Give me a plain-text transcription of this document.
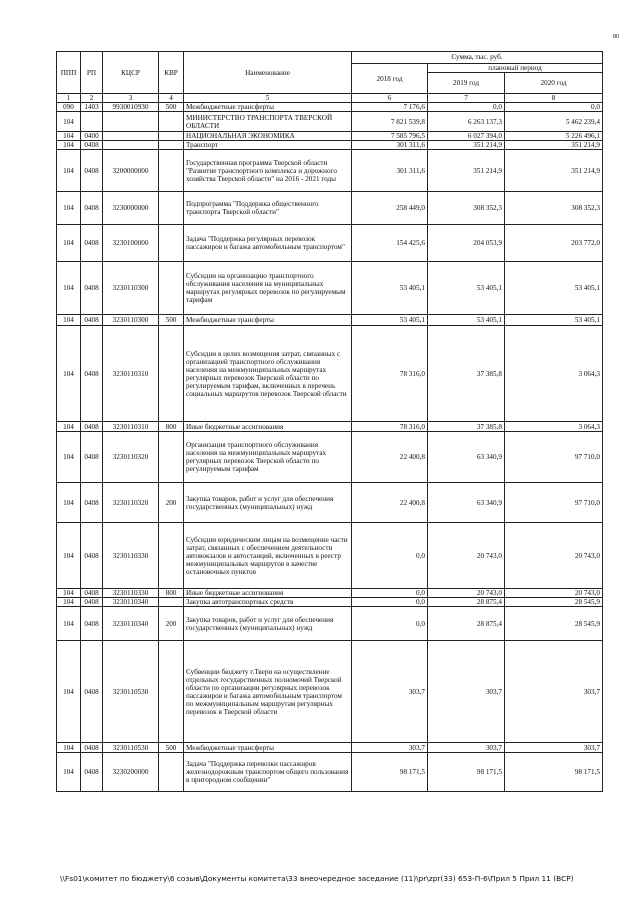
80
ППП	РП	КЦСР	КВР	Наименование	Сумма, тыс. руб.		
					2018 год	плановый период	
						2019 год	2020 год
1	2	3	4	5	6	7	8
090	1403	9930010930	500	Межбюджетные трансферты	7 176,6	0,0	0,0
104				МИНИСТЕРСТВО ТРАНСПОРТА ТВЕРСКОЙ ОБЛАСТИ	7 821 539,8	6 263 137,3	5 462 239,4
104	0400			НАЦИОНАЛЬНАЯ ЭКОНОМИКА	7 585 796,5	6 027 394,0	5 226 496,1
104	0408			Транспорт	301 311,6	351 214,9	351 214,9
104	0408	3200000000		Государственная программа Тверской области "Развитие транспортного комплекса и дорожного хозяйства Тверской области" на 2016 - 2021 годы	301 311,6	351 214,9	351 214,9
104	0408	3230000000		Подпрограмма "Поддержка общественного транспорта Тверской области"	258 449,0	308 352,3	308 352,3
104	0408	3230100000		Задача "Поддержка регулярных перевозок пассажиров и багажа автомобильным транспортом"	154 425,6	204 053,9	203 772,0
104	0408	3230110300		Субсидии на организацию транспортного обслуживания населения на муниципальных маршрутах регулярных перевозок по регулируемым тарифам	53 405,1	53 405,1	53 405,1
104	0408	3230110300	500	Межбюджетные трансферты	53 405,1	53 405,1	53 405,1
104	0408	3230110310		Субсидии в целях возмещения затрат, связанных с организацией транспортного обслуживания населения на межмуниципальных маршрутах регулярных перевозок Тверской области по регулируемым тарифам, включенных в перечень социальных маршрутов перевозок Тверской области	78 316,0	37 385,8	3 064,3
104	0408	3230110310	800	Иные бюджетные ассигнования	78 316,0	37 385,8	3 064,3
104	0408	3230110320		Организация транспортного обслуживания населения на межмуниципальных маршрутах регулярных перевозок Тверской области по регулируемым тарифам	22 400,8	63 340,9	97 710,0
104	0408	3230110320	200	Закупка товаров, работ и услуг для обеспечения государственных (муниципальных) нужд	22 400,8	63 340,9	97 710,0
104	0408	3230110330		Субсидии юридическим лицам на возмещение части затрат, связанных с обеспечением деятельности автовокзалов и автостанций, включенных в реестр межмуниципальных маршрутов в качестве остановочных пунктов	0,0	20 743,0	20 743,0
104	0408	3230110330	800	Иные бюджетные ассигнования	0,0	20 743,0	20 743,0
104	0408	3230110340		Закупка автотранспортных средств	0,0	28 875,4	28 545,9
104	0408	3230110340	200	Закупка товаров, работ и услуг для обеспечения государственных (муниципальных) нужд	0,0	28 875,4	28 545,9
104	0408	3230110530		Субвенции бюджету г.Твери на осуществление отдельных государственных полномочий Тверской области по организации регулярных перевозок пассажиров и багажа автомобильным транспортом по межмуниципальным маршрутам регулярных перевозок в Тверской области	303,7	303,7	303,7
104	0408	3230110530	500	Межбюджетные трансферты	303,7	303,7	303,7
104	0408	3230200000		Задача "Поддержка перевозки пассажиров железнодорожным транспортом общего пользования в пригородном сообщении"	98 171,5	98 171,5	98 171,5
\\Fs01\комитет по бюджету\6 созыв\Документы комитета\33 внеочередное заседание (11)\pr\zpr(33) 653-П-6\Прил 5 Прил 11 (ВСР)
